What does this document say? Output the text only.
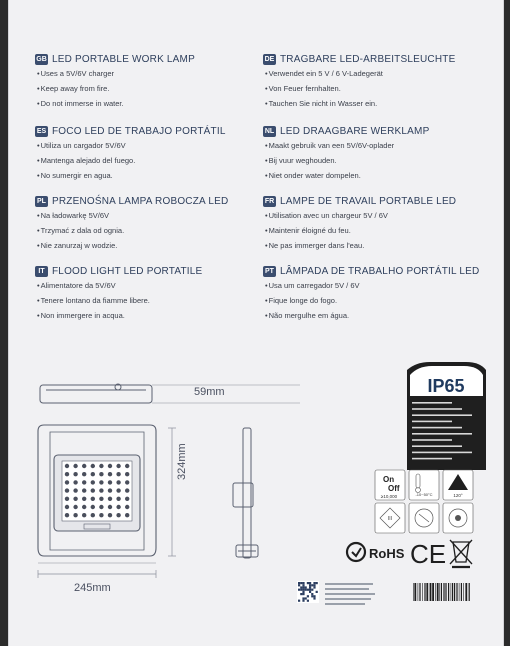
GB LED PORTABLE WORK LAMP
• Uses a 5V/6V charger
• Keep away from fire.
• Do not immerse in water.
ES FOCO LED DE TRABAJO PORTÁTIL
• Utiliza un cargador 5V/6V
• Mantenga alejado del fuego.
• No sumergir en agua.
PL PRZENOŚNA LAMPA ROBOCZA LED
• Na ładowarkę 5V/6V
• Trzymać z dala od ognia.
• Nie zanurzaj w wodzie.
IT FLOOD LIGHT LED PORTATILE
• Alimentatore da 5V/6V
• Tenere lontano da fiamme libere.
• Non immergere in acqua.
DE TRAGBARE LED-ARBEITSLEUCHTE
• Verwendet ein 5 V / 6 V-Ladegerät
• Von Feuer fernhalten.
• Tauchen Sie nicht in Wasser ein.
NL LED DRAAGBARE WERKLAMP
• Maakt gebruik van een 5V/6V-oplader
• Bij vuur weghouden.
• Niet onder water dompelen.
FR LAMPE DE TRAVAIL PORTABLE LED
• Utilisation avec un chargeur 5V / 6V
• Maintenir éloigné du feu.
• Ne pas immerger dans l'eau.
PT LÂMPADA DE TRABALHO PORTÁTIL LED
• Usa um carregador 5V / 6V
• Fique longe do fogo.
• Não mergulhe em água.
IP65
On
Off
≥10,000	-10~50°C	120°
III
RoHS CE
59mm
324mm
245mm
